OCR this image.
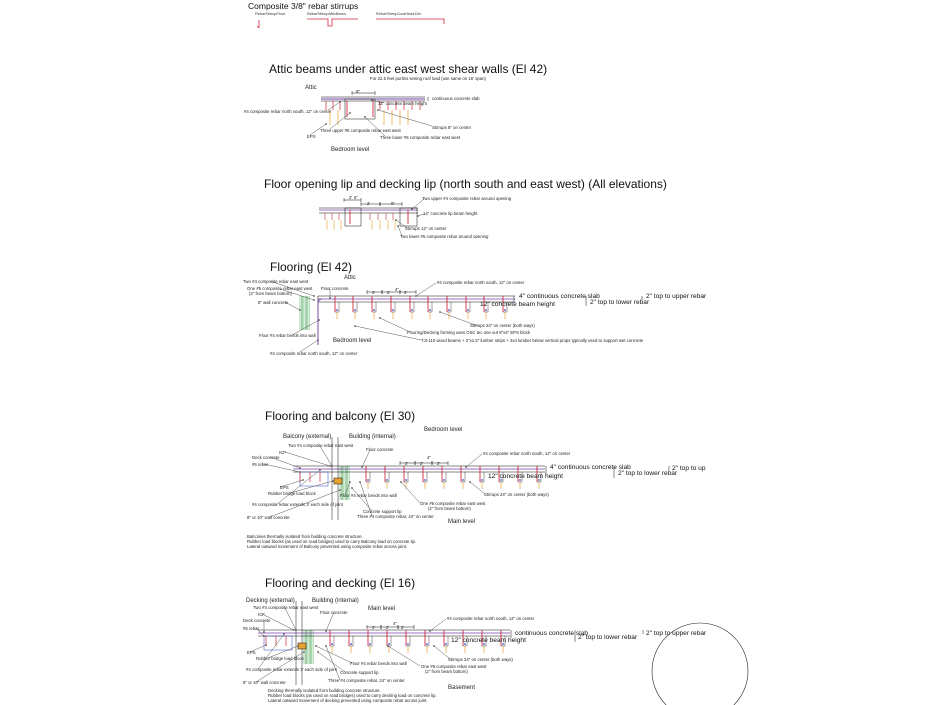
Composite 3/8" rebar stirrups
RebarStirrupFloor	RebarStirrupAtticBeam	RebarStirrupCowHead12in
Attic beams under attic east west shear walls (El 42)
For 22.5 feet purlins seeing roof load (use same on 16' span)
Attic
8"
continuous concrete slab
12" concrete beam height
#4 composite rebar north south, 12" on center
Stirrups 8" on center
Three upper #5 composite rebar east west
EPS	Three lower #5 composite rebar east west
Bedroom level
Floor opening lip and decking lip (north south and east west) (All elevations)
2' 6"
2'	6"
Two upper #4 composite rebar around opening
14" concrete lip beam height
Stirrups 12" on center
Two lower #5 composite rebar around opening
Flooring (El 42)
Attic
Two #4 composite rebar east west	#4 composite rebar north south, 12" on center
One #5 composite rebar east west Floor concrete
(2" from beam bottom)	2'	2'
4"
2'
4" continuous concrete slab	2" top to upper rebar
2" top to lower rebar
12" concrete beam height
8" wall concrete
Stirrups 24" on center (both ways)
Flooring/Decking forming uses OSC tec one out 8"x4" EPS block
Floor #4 rebar bends into wall
TJI-110 wood beams + 2"x1.5" lumber strips + 2x4 lumber below vertical props typically used to support wet concrete
Bedroom level
#4 composite rebar north south, 12" on center
Flooring and balcony (El 30)
Bedroom level
Balcony (external)	Building (internal)
Two #4 composite rebar east west
ICF
Floor concrete
#4 composite rebar north south, 12" on center
Deck concrete
2'	2'
4"
2'
#5 rebar	4" continuous concrete slab	2" top to up
2" top to lower rebar
12" concrete beam height
EPS
Rubber bridge load block	Stirrups 24" on center (both ways)
Floor #4 rebar bends into wall
One #5 composite rebar east west
#4 composite rebar extends 3' each side of joint
(2" from beam bottom)
Concrete support lip
Three #4 composite rebar, 24" on center
8" or 10" wall concrete
Main level
Balconies thermally isolated from building concrete structure.
Rubber load blocks (as used on road bridges) used to carry Balcony load on concrete lip.
Lateral outward movement of Balcony prevented using composite rebar across joint.
Flooring and decking (El 16)
Decking (external)	Building (internal)
Main level
Two #4 composite rebar east west
Floor concrete
ICF
#4 composite rebar north south, 12" on center
Deck concrete
2'	2'
4"
2'
#5 rebar
continuous concrete slab	2" top to upper rebar
2" top to lower rebar
12" concrete beam height
EPS
Stirrups 24" on center (both ways)
Rubber bridge load block
Floor #4 rebar bends into wall
One #5 composite rebar east west
#4 composite rebar extends 3' each side of joint	(2" from beam bottom)
Concrete support lip
Three #4 composite rebar, 24" on center
8" or 10" wall concrete
Basement
Decking thermally isolated from building concrete structure.
Rubber load blocks (as used on road bridges) used to carry decking load on concrete lip.
Lateral outward movement of decking prevented using composite rebar across joint.
